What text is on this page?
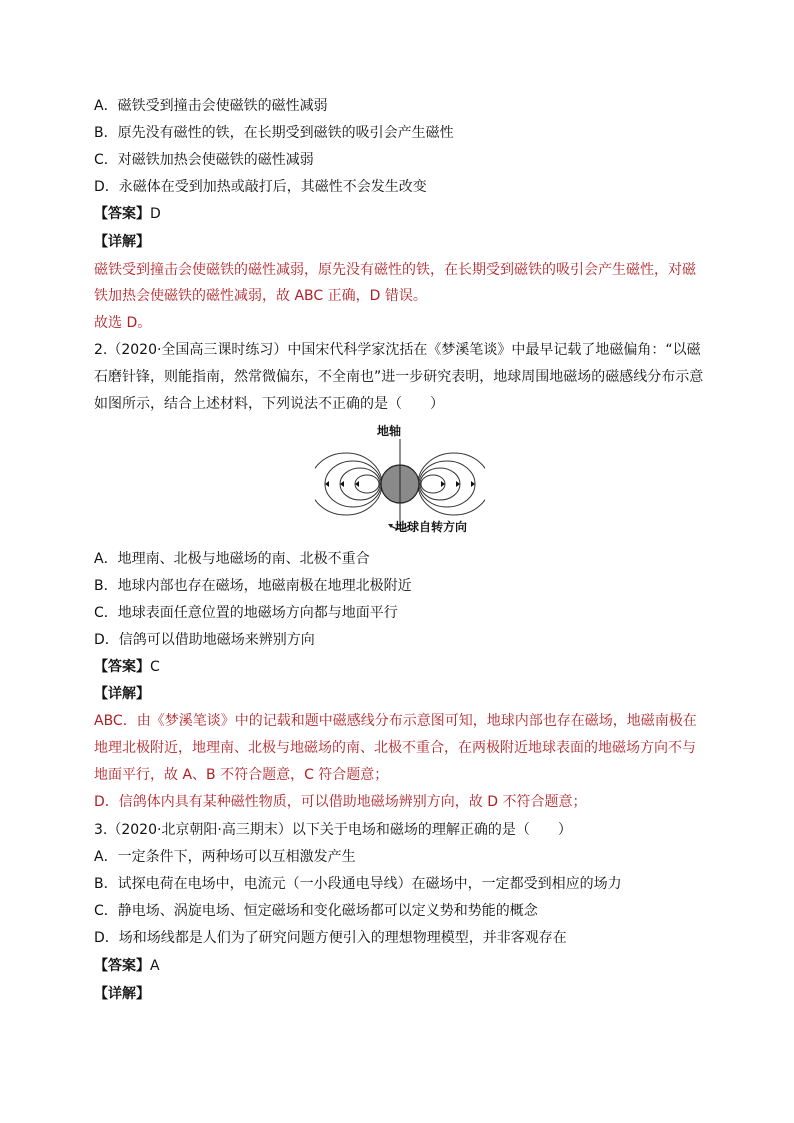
A．磁铁受到撞击会使磁铁的磁性减弱
B．原先没有磁性的铁，在长期受到磁铁的吸引会产生磁性
C．对磁铁加热会使磁铁的磁性减弱
D．永磁体在受到加热或敲打后，其磁性不会发生改变
【答案】D
【详解】
磁铁受到撞击会使磁铁的磁性减弱，原先没有磁性的铁，在长期受到磁铁的吸引会产生磁性，对磁
铁加热会使磁铁的磁性减弱，故 ABC 正确，D 错误。
故选 D。
2.（2020·全国高三课时练习）中国宋代科学家沈括在《梦溪笔谈》中最早记载了地磁偏角：“以磁
石磨针锋，则能指南，然常微偏东，不全南也”进一步研究表明，地球周围地磁场的磁感线分布示意
如图所示，结合上述材料，下列说法不正确的是（　　）
地轴
地球自转方向
A．地理南、北极与地磁场的南、北极不重合
B．地球内部也存在磁场，地磁南极在地理北极附近
C．地球表面任意位置的地磁场方向都与地面平行
D．信鸽可以借助地磁场来辨别方向
【答案】C
【详解】
ABC．由《梦溪笔谈》中的记载和题中磁感线分布示意图可知，地球内部也存在磁场，地磁南极在
地理北极附近，地理南、北极与地磁场的南、北极不重合，在两极附近地球表面的地磁场方向不与
地面平行，故 A、B 不符合题意，C 符合题意；
D．信鸽体内具有某种磁性物质，可以借助地磁场辨别方向，故 D 不符合题意；
3.（2020·北京朝阳·高三期末）以下关于电场和磁场的理解正确的是（　　）
A．一定条件下，两种场可以互相激发产生
B．试探电荷在电场中，电流元（一小段通电导线）在磁场中，一定都受到相应的场力
C．静电场、涡旋电场、恒定磁场和变化磁场都可以定义势和势能的概念
D．场和场线都是人们为了研究问题方便引入的理想物理模型，并非客观存在
【答案】A
【详解】
